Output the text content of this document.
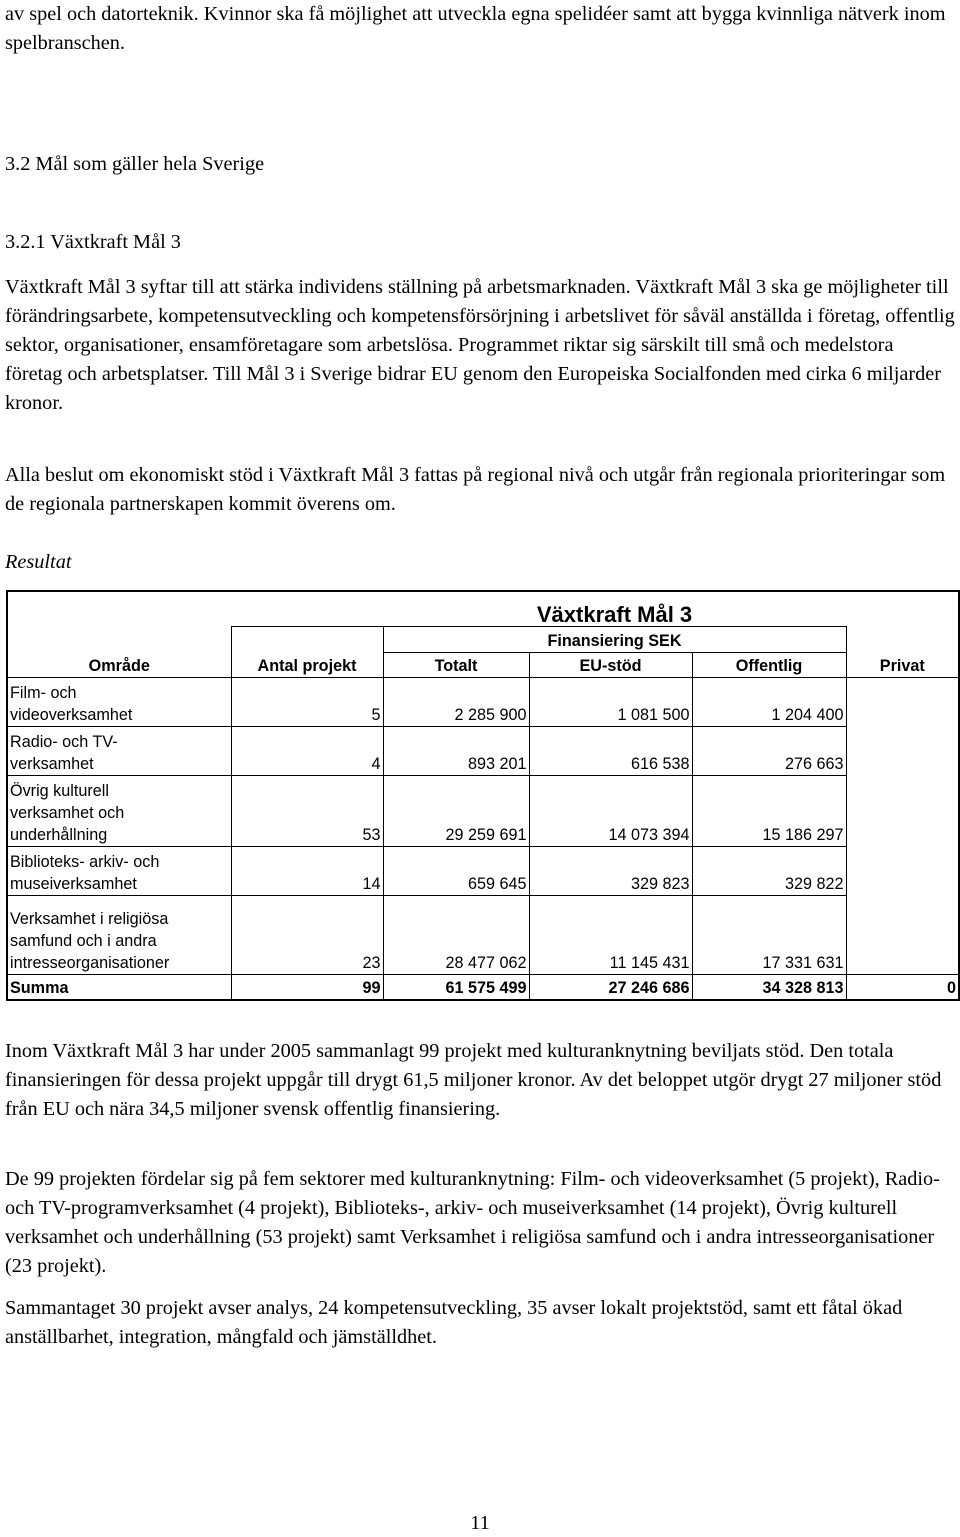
av spel och datorteknik. Kvinnor ska få möjlighet att utveckla egna spelidéer samt att bygga kvinnliga nätverk inom spelbranschen.

3.2 Mål som gäller hela Sverige

3.2.1 Växtkraft Mål 3

Växtkraft Mål 3 syftar till att stärka individens ställning på arbetsmarknaden. Växtkraft Mål 3 ska ge möjligheter till förändringsarbete, kompetensutveckling och kompetensförsörjning i arbetslivet för såväl anställda i företag, offentlig sektor, organisationer, ensamföretagare som arbetslösa. Programmet riktar sig särskilt till små och medelstora företag och arbetsplatser. Till Mål 3 i Sverige bidrar EU genom den Europeiska Socialfonden med cirka 6 miljarder kronor.

Alla beslut om ekonomiskt stöd i Växtkraft Mål 3 fattas på regional nivå och utgår från regionala prioriteringar som de regionala partnerskapen kommit överens om.

Resultat

		Växtkraft Mål 3			
		Finansiering SEK			
Område	Antal projekt	Totalt	EU-stöd	Offentlig	Privat

Film- och
videoverksamhet	5	2 285 900	1 081 500	1 204 400	

Radio- och TV-
verksamhet	4	893 201	616 538	276 663	

Övrig kulturell
verksamhet och
underhållning	53	29 259 691	14 073 394	15 186 297	

Biblioteks- arkiv- och
museiverksamhet	14	659 645	329 823	329 822	

Verksamhet i religiösa
samfund och i andra
intresseorganisationer	23	28 477 062	11 145 431	17 331 631	
Summa	99	61 575 499	27 246 686	34 328 813	0

Inom Växtkraft Mål 3 har under 2005 sammanlagt 99 projekt med kulturanknytning beviljats stöd. Den totala finansieringen för dessa projekt uppgår till drygt 61,5 miljoner kronor. Av det beloppet utgör drygt 27 miljoner stöd från EU och nära 34,5 miljoner svensk offentlig finansiering.

De 99 projekten fördelar sig på fem sektorer med kulturanknytning: Film- och videoverksamhet (5 projekt), Radio- och TV-programverksamhet (4 projekt), Biblioteks-, arkiv- och museiverksamhet (14 projekt), Övrig kulturell verksamhet och underhållning (53 projekt) samt Verksamhet i religiösa samfund och i andra intresseorganisationer (23 projekt).

Sammantaget 30 projekt avser analys, 24 kompetensutveckling, 35 avser lokalt projektstöd, samt ett fåtal ökad anställbarhet, integration, mångfald och jämställdhet.

11
